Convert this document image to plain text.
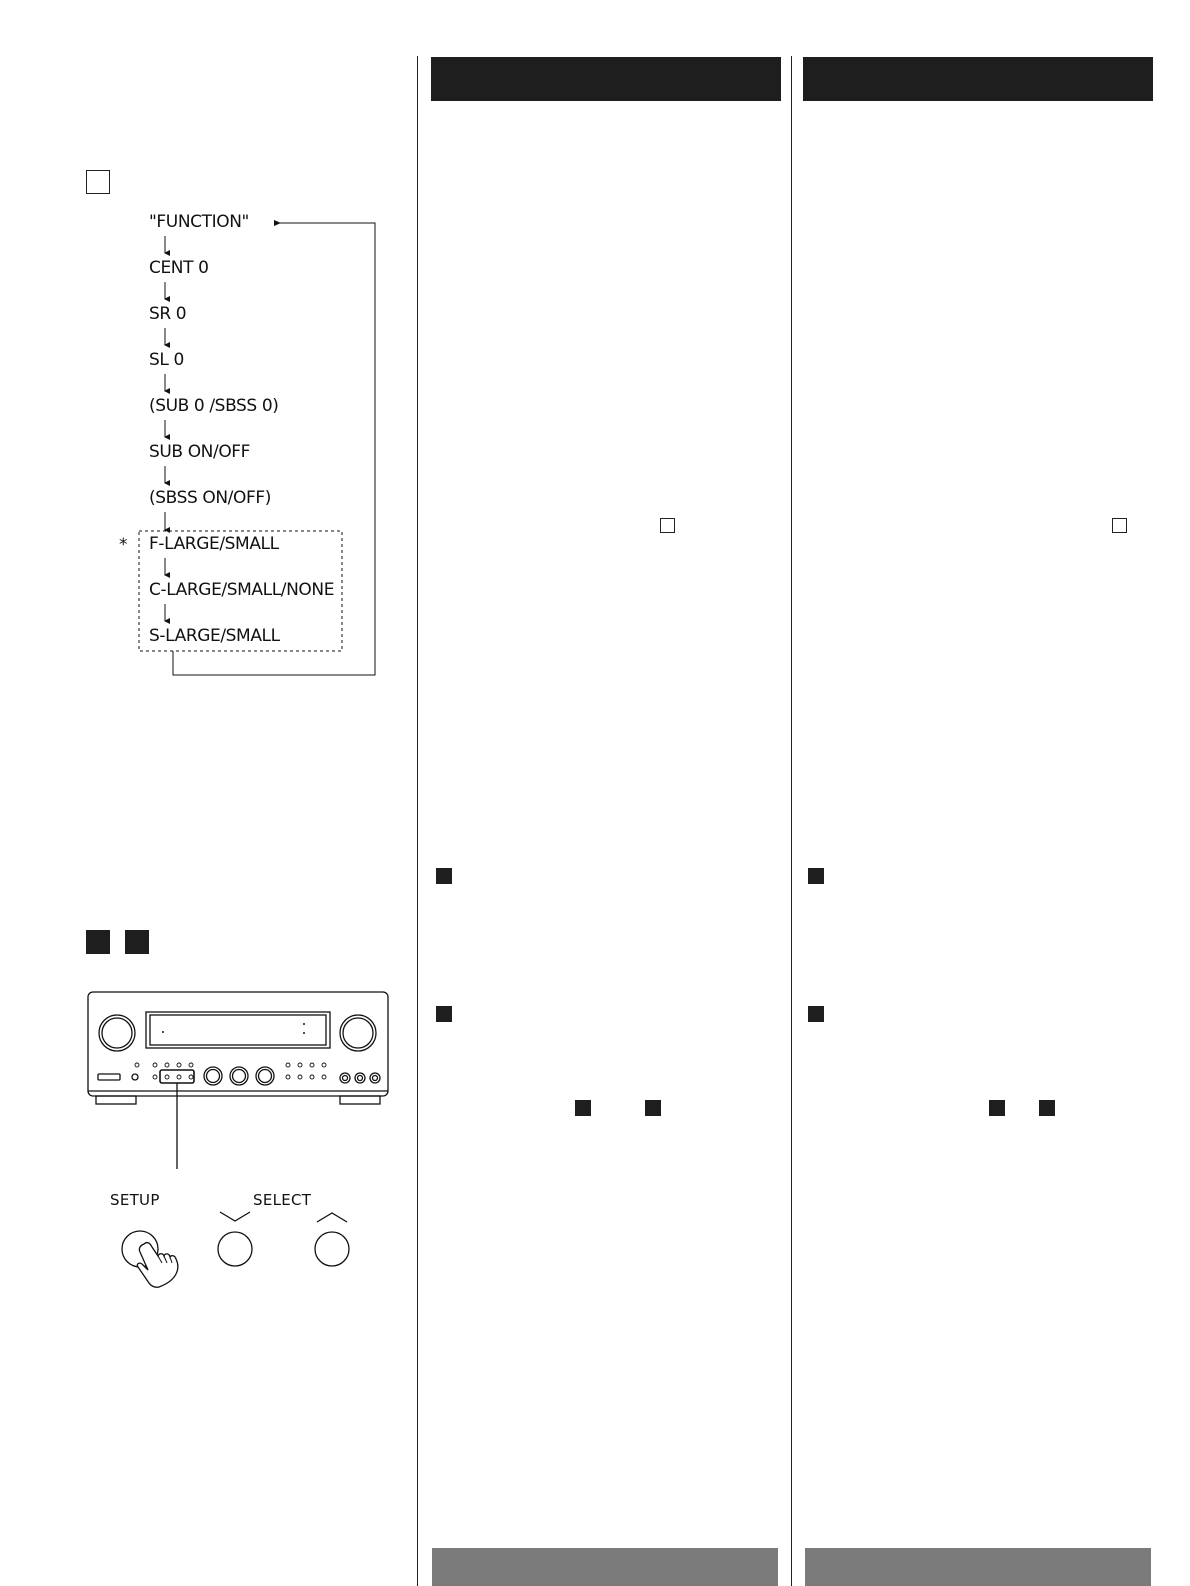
"FUNCTION"
CENT 0
SR 0
SL 0
(SUB 0 /SBSS 0)
SUB ON/OFF
(SBSS ON/OFF)
F-LARGE/SMALL
C-LARGE/SMALL/NONE
S-LARGE/SMALL
*
SETUP	SELECT
